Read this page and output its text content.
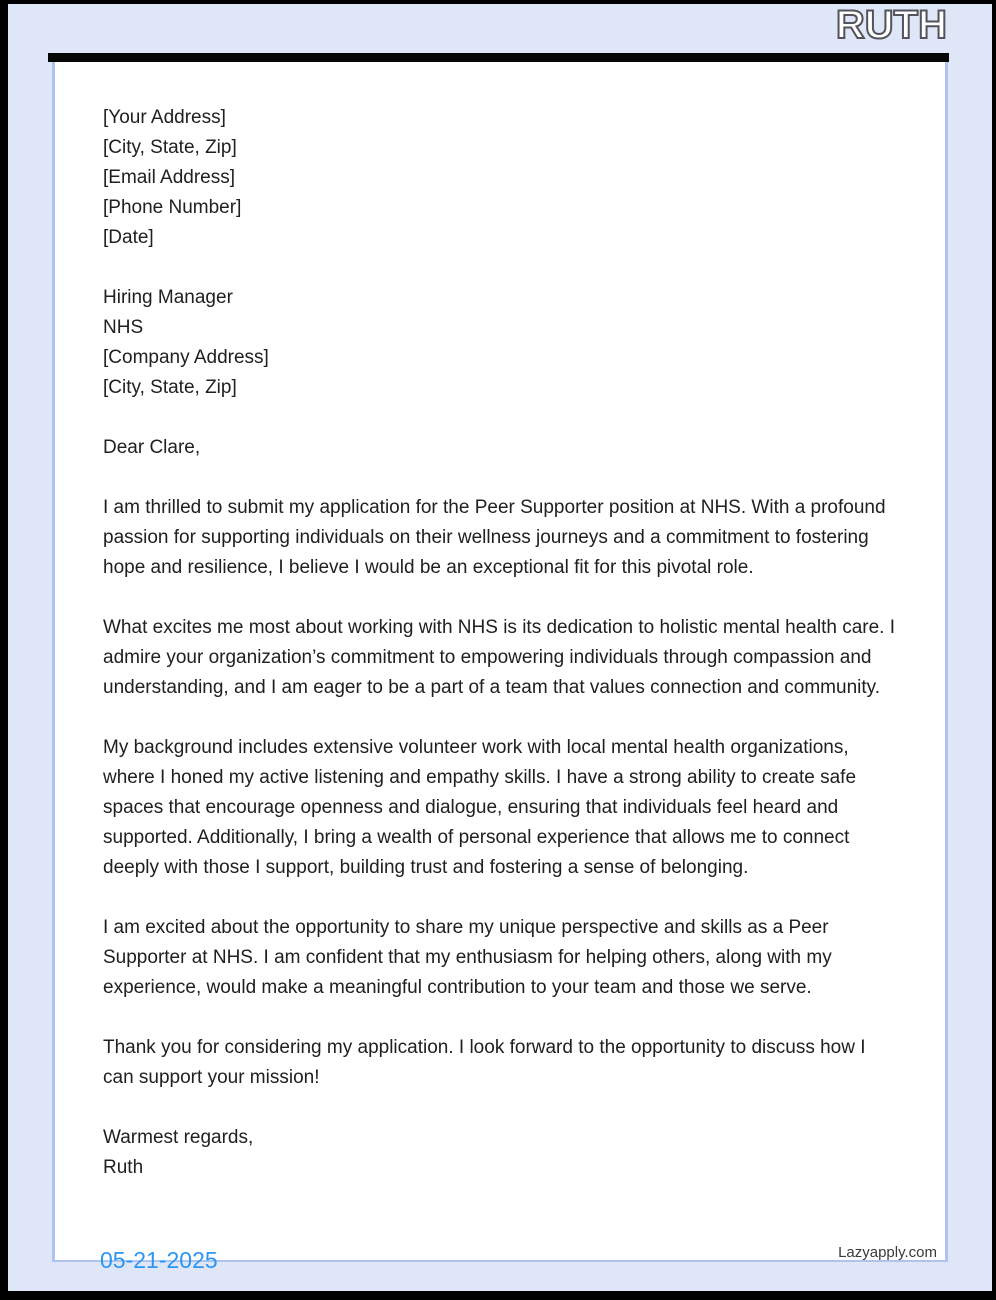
RUTH
[Your Address]
[City, State, Zip]
[Email Address]
[Phone Number]
[Date]
Hiring Manager
NHS
[Company Address]
[City, State, Zip]
Dear Clare,

I am thrilled to submit my application for the Peer Supporter position at NHS. With a profound passion for supporting individuals on their wellness journeys and a commitment to fostering hope and resilience, I believe I would be an exceptional fit for this pivotal role.

What excites me most about working with NHS is its dedication to holistic mental health care. I admire your organization’s commitment to empowering individuals through compassion and understanding, and I am eager to be a part of a team that values connection and community.

My background includes extensive volunteer work with local mental health organizations, where I honed my active listening and empathy skills. I have a strong ability to create safe spaces that encourage openness and dialogue, ensuring that individuals feel heard and supported. Additionally, I bring a wealth of personal experience that allows me to connect deeply with those I support, building trust and fostering a sense of belonging.

I am excited about the opportunity to share my unique perspective and skills as a Peer Supporter at NHS. I am confident that my enthusiasm for helping others, along with my experience, would make a meaningful contribution to your team and those we serve.

Thank you for considering my application. I look forward to the opportunity to discuss how I can support your mission!

Warmest regards,
Ruth
Lazyapply.com
05-21-2025
